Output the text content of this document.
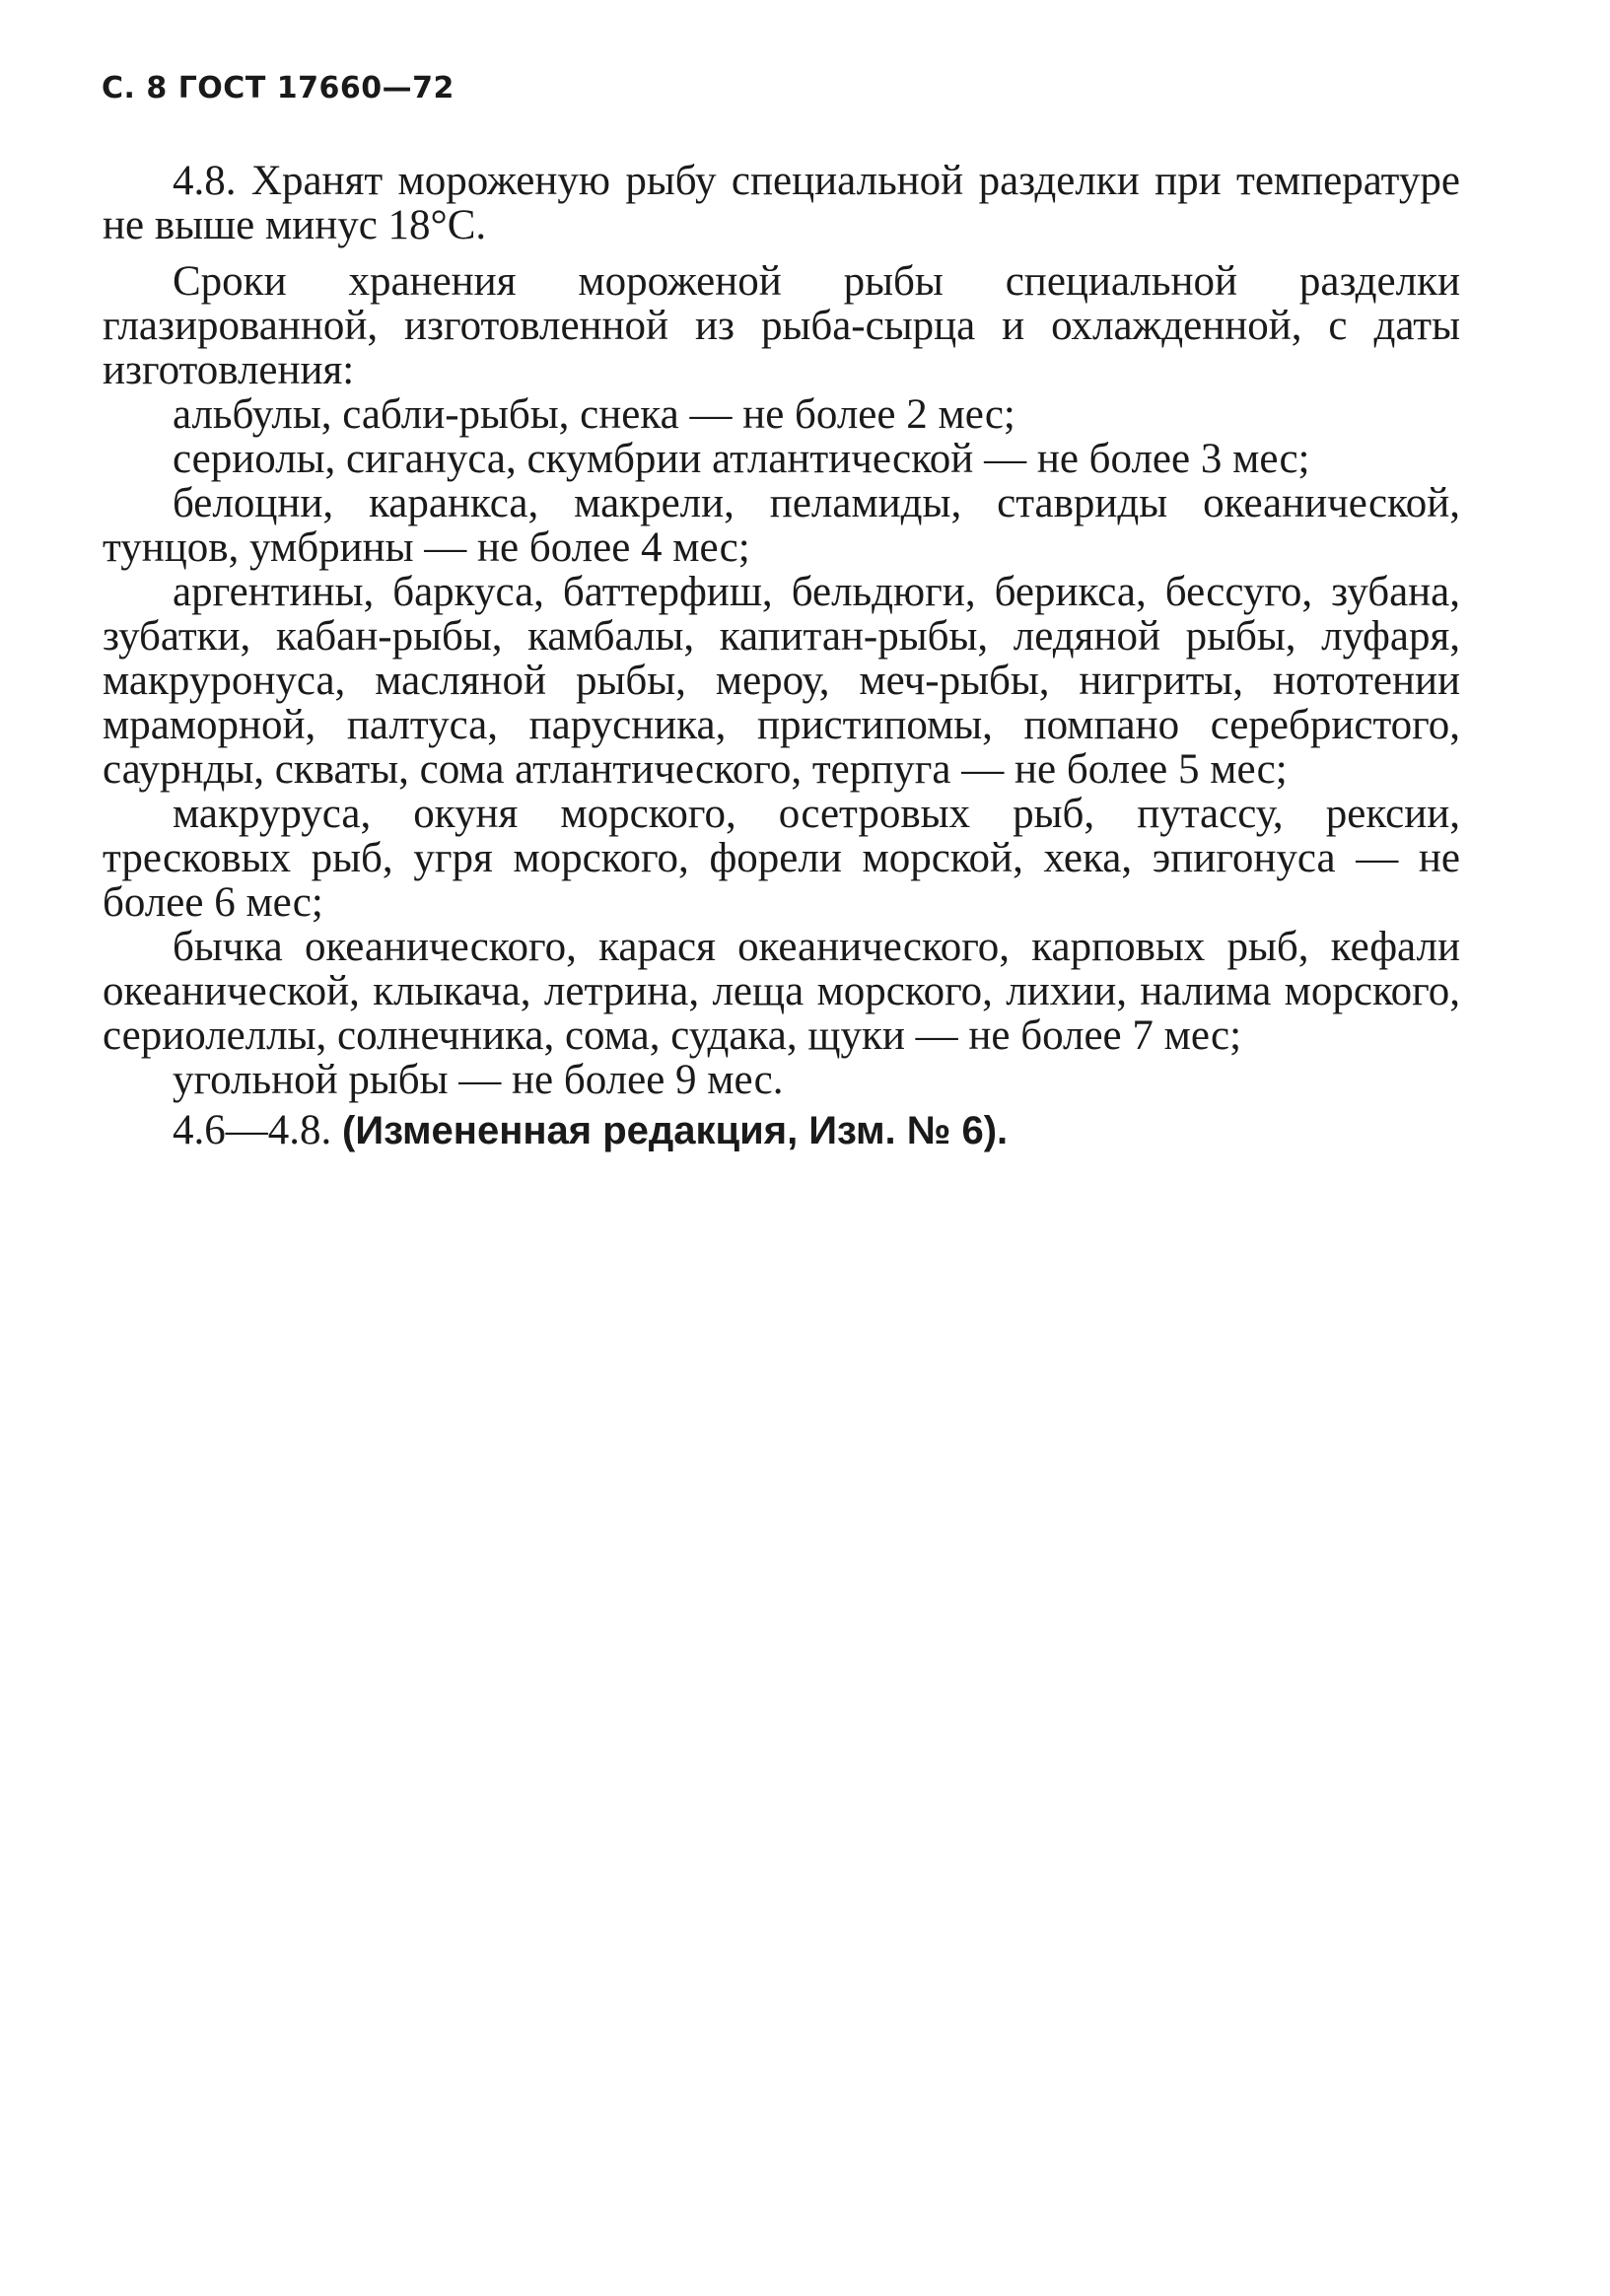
С. 8 ГОСТ 17660—72

4.8. Хранят мороженую рыбу специальной разделки при температуре не выше минус 18°С.

Сроки хранения мороженой рыбы специальной разделки глазированной, изготовленной из рыба-сырца и охлажденной, с даты изготовления:

альбулы, сабли-рыбы, снека — не более 2 мес;

сериолы, сигануса, скумбрии атлантической — не более 3 мес;

белоцни, каранкса, макрели, пеламиды, ставриды океанической, тунцов, умбрины — не более 4 мес;

аргентины, баркуса, баттерфиш, бельдюги, берикса, бессуго, зубана, зубатки, кабан-рыбы, камбалы, капитан-рыбы, ледяной рыбы, луфаря, макруронуса, масляной рыбы, мероу, меч-рыбы, нигриты, нототении мраморной, палтуса, парусника, пристипомы, помпано серебристого, саурнды, скваты, сома атлантического, терпуга — не более 5 мес;

макруруса, окуня морского, осетровых рыб, путассу, рексии, тресковых рыб, угря морского, форели морской, хека, эпигонуса — не более 6 мес;

бычка океанического, карася океанического, карповых рыб, кефали океанической, клыкача, летрина, леща морского, лихии, налима морского, сериолеллы, солнечника, сома, судака, щуки — не более 7 мес;

угольной рыбы — не более 9 мес.

4.6—4.8. (Измененная редакция, Изм. № 6).
